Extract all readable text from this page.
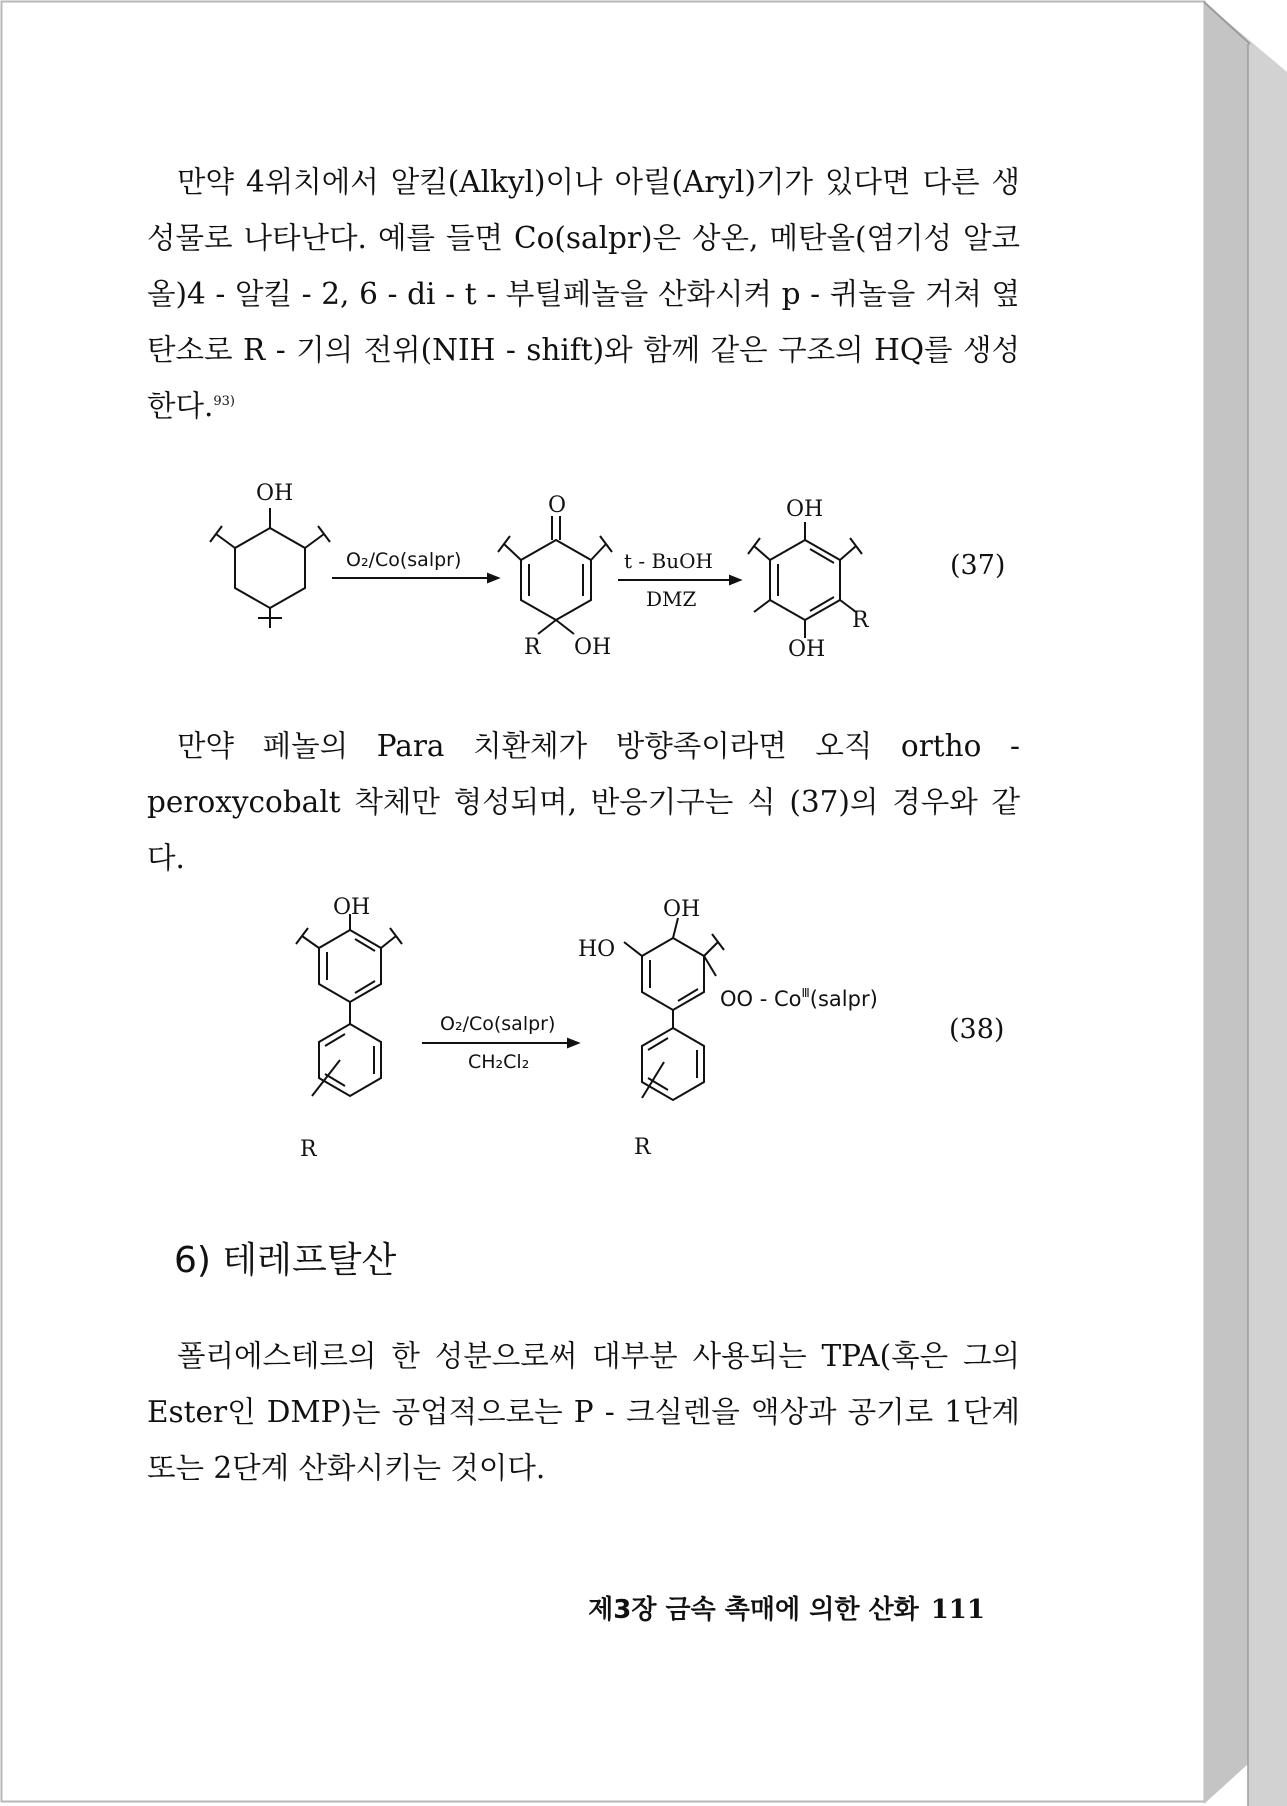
만약 4위치에서 알킬(Alkyl)이나 아릴(Aryl)기가 있다면 다른 생성물로 나타난다. 예를 들면 Co(salpr)은 상온, 메탄올(염기성 알코올)4 - 알킬 - 2, 6 - di - t - 부틸페놀을 산화시켜 p - 퀴놀을 거쳐 옆 탄소로 R - 기의 전위(NIH - shift)와 함께 같은 구조의 HQ를 생성한다.$^{93)}$

OH
O₂/Co(salpr)
O
t - BuOH
DMZ
R OH
OH
R
OH
(37)

만약 페놀의 Para 치환체가 방향족이라면 오직 ortho - peroxycobalt 착체만 형성되며, 반응기구는 식 (37)의 경우와 같다.

OH
R
O₂/Co(salpr)
CH₂Cl₂
HO
OH
OO - $Co^Ⅲ(salpr)$
R
(38)
6) 테레프탈산

폴리에스테르의 한 성분으로써 대부분 사용되는 TPA(혹은 그의 Ester인 DMP)는 공업적으로는 P - 크실렌을 액상과 공기로 1단계 또는 2단계 산화시키는 것이다.

제3장 금속 촉매에 의한 산화 111
